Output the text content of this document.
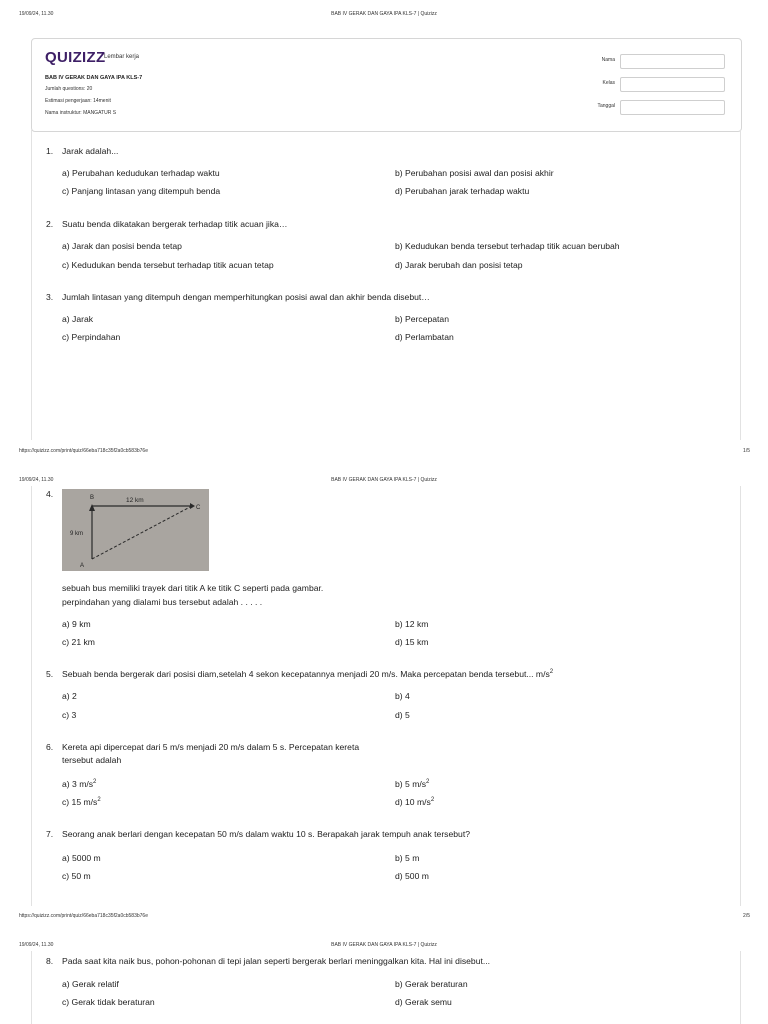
19/09/24, 11.30	BAB IV GERAK DAN GAYA IPA KLS-7 | Quizizz
QUIZIZZ
Lembar kerja
BAB IV GERAK DAN GAYA IPA KLS-7
Jumlah questions: 20
Estimasi pengerjaan: 14menit
Nama instruktur: MANGATUR S
Nama
Kelas
Tanggal
1. Jarak adalah...
a) Perubahan kedudukan terhadap waktu	b) Perubahan posisi awal dan posisi akhir
c) Panjang lintasan yang ditempuh benda	d) Perubahan jarak terhadap waktu
2. Suatu benda dikatakan bergerak terhadap titik acuan jika…
a) Jarak dan posisi benda tetap	b) Kedudukan benda tersebut terhadap titik acuan berubah
c) Kedudukan benda tersebut terhadap titik acuan tetap	d) Jarak berubah dan posisi tetap
3. Jumlah lintasan yang ditempuh dengan memperhitungkan posisi awal dan akhir benda disebut…
a) Jarak	b) Percepatan
c) Perpindahan	d) Perlambatan
https://quizizz.com/print/quiz/66eba718c35f2a0cb583b76e	1/5
19/09/24, 11.30	BAB IV GERAK DAN GAYA IPA KLS-7 | Quizizz
4.	B
C
A
12 km
9 km
sebuah bus memiliki trayek dari titik A ke titik C seperti pada gambar.
perpindahan yang dialami bus tersebut adalah . . . . .
a) 9 km	b) 12 km
c) 21 km	d) 15 km
5. Sebuah benda bergerak dari posisi diam,setelah 4 sekon kecepatannya menjadi 20 m/s. Maka percepatan benda tersebut... $m/s^2$
a) 2	b) 4
c) 3	d) 5
6. Kereta api dipercepat dari 5 m/s menjadi 20 m/s dalam 5 s. Percepatan kereta
tersebut adalah
a) 3 $m/s^2$	b) 5 $m/s^2$
c) 15 $m/s^2$	d) 10 $m/s^2$
7. Seorang anak berlari dengan kecepatan 50 m/s dalam waktu 10 s. Berapakah jarak tempuh anak tersebut?
a) 5000 m	b) 5 m
c) 50 m	d) 500 m
https://quizizz.com/print/quiz/66eba718c35f2a0cb583b76e	2/5
19/09/24, 11.30	BAB IV GERAK DAN GAYA IPA KLS-7 | Quizizz
8. Pada saat kita naik bus, pohon-pohonan di tepi jalan seperti bergerak berlari meninggalkan kita. Hal ini disebut...
a) Gerak relatif	b) Gerak beraturan
c) Gerak tidak beraturan	d) Gerak semu
